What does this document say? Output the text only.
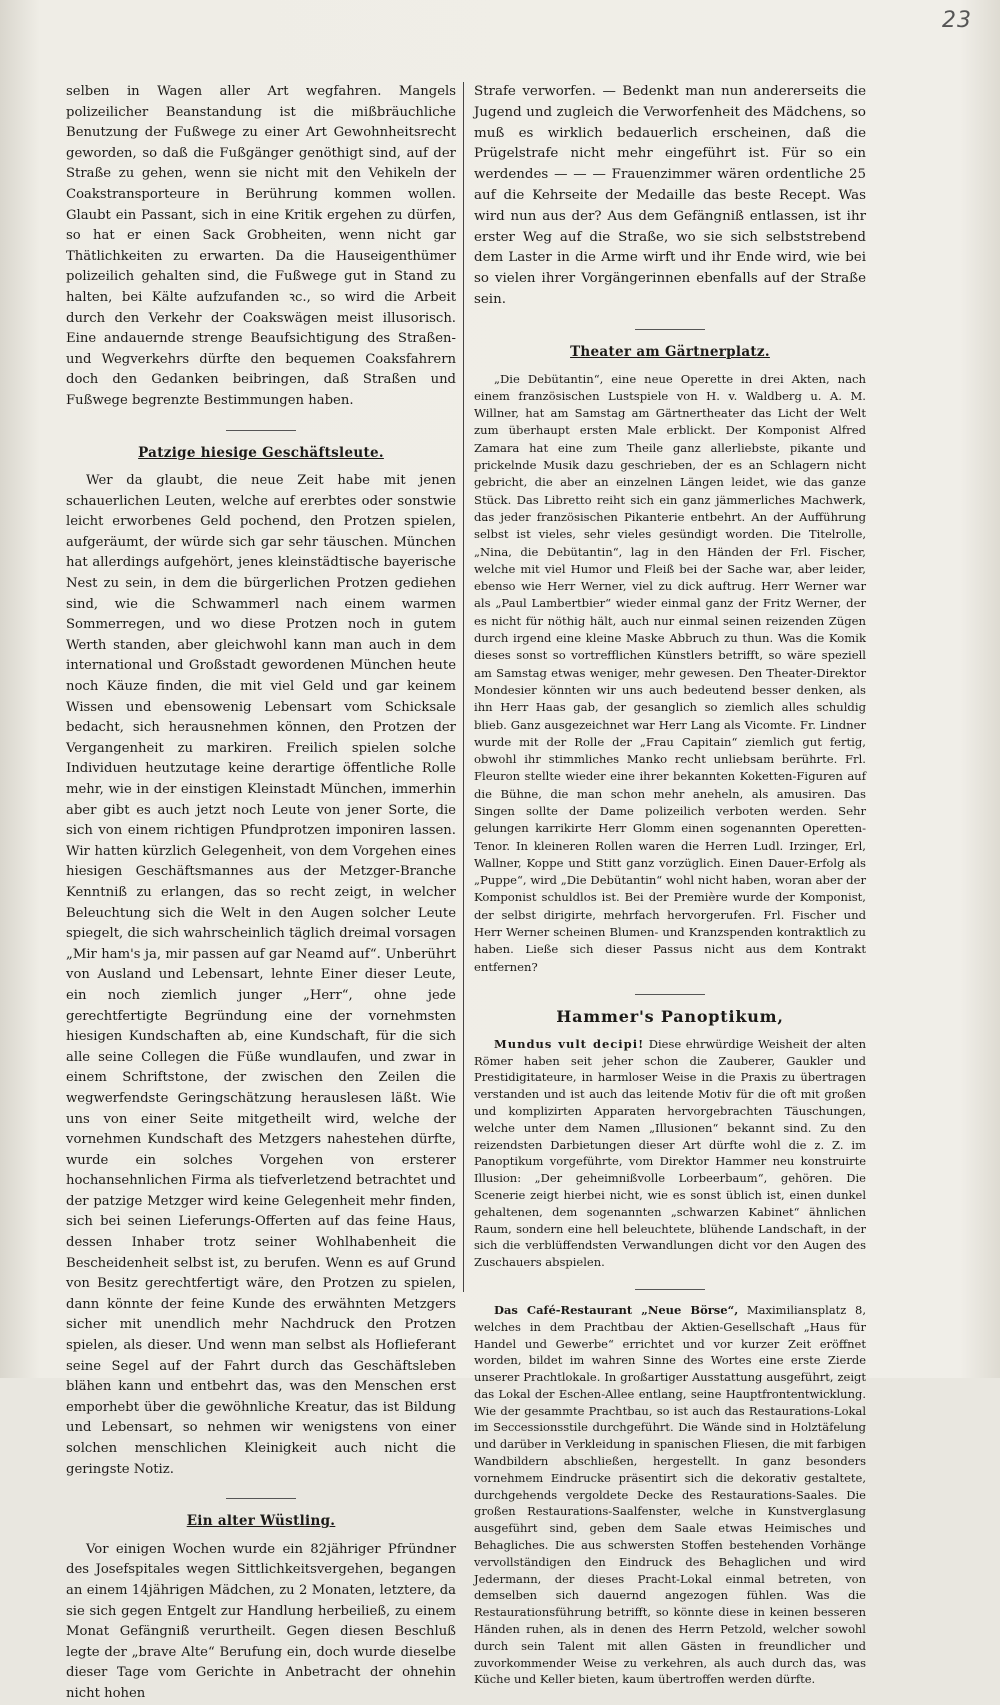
23

selben in Wagen aller Art wegfahren. Mangels polizeilicher Beanstandung ist die mißbräuchliche Benutzung der Fußwege zu einer Art Gewohnheitsrecht geworden, so daß die Fußgänger genöthigt sind, auf der Straße zu gehen, wenn sie nicht mit den Vehikeln der Coakstransporteure in Berührung kommen wollen. Glaubt ein Passant, sich in eine Kritik ergehen zu dürfen, so hat er einen Sack Grobheiten, wenn nicht gar Thätlichkeiten zu erwarten. Da die Hauseigenthümer polizeilich gehalten sind, die Fußwege gut in Stand zu halten, bei Kälte aufzufanden ꝛc., so wird die Arbeit durch den Verkehr der Coakswägen meist illusorisch. Eine andauernde strenge Beaufsichtigung des Straßen- und Wegverkehrs dürfte den bequemen Coaksfahrern doch den Gedanken beibringen, daß Straßen und Fußwege begrenzte Bestimmungen haben.

Patzige hiesige Geschäftsleute.

Wer da glaubt, die neue Zeit habe mit jenen schauerlichen Leuten, welche auf ererbtes oder sonstwie leicht erworbenes Geld pochend, den Protzen spielen, aufgeräumt, der würde sich gar sehr täuschen. München hat allerdings aufgehört, jenes kleinstädtische bayerische Nest zu sein, in dem die bürgerlichen Protzen gediehen sind, wie die Schwammerl nach einem warmen Sommerregen, und wo diese Protzen noch in gutem Werth standen, aber gleichwohl kann man auch in dem international und Großstadt gewordenen München heute noch Käuze finden, die mit viel Geld und gar keinem Wissen und ebensowenig Lebensart vom Schicksale bedacht, sich herausnehmen können, den Protzen der Vergangenheit zu markiren. Freilich spielen solche Individuen heutzutage keine derartige öffentliche Rolle mehr, wie in der einstigen Kleinstadt München, immerhin aber gibt es auch jetzt noch Leute von jener Sorte, die sich von einem richtigen Pfundprotzen imponiren lassen. Wir hatten kürzlich Gelegenheit, von dem Vorgehen eines hiesigen Geschäftsmannes aus der Metzger-Branche Kenntniß zu erlangen, das so recht zeigt, in welcher Beleuchtung sich die Welt in den Augen solcher Leute spiegelt, die sich wahrscheinlich täglich dreimal vorsagen „Mir ham's ja, mir passen auf gar Neamd auf“. Unberührt von Ausland und Lebensart, lehnte Einer dieser Leute, ein noch ziemlich junger „Herr“, ohne jede gerechtfertigte Begründung eine der vornehmsten hiesigen Kundschaften ab, eine Kundschaft, für die sich alle seine Collegen die Füße wundlaufen, und zwar in einem Schriftstone, der zwischen den Zeilen die wegwerfendste Geringschätzung herauslesen läßt. Wie uns von einer Seite mitgetheilt wird, welche der vornehmen Kundschaft des Metzgers nahestehen dürfte, wurde ein solches Vorgehen von ersterer hochansehnlichen Firma als tiefverletzend betrachtet und der patzige Metzger wird keine Gelegenheit mehr finden, sich bei seinen Lieferungs-Offerten auf das feine Haus, dessen Inhaber trotz seiner Wohlhabenheit die Bescheidenheit selbst ist, zu berufen. Wenn es auf Grund von Besitz gerechtfertigt wäre, den Protzen zu spielen, dann könnte der feine Kunde des erwähnten Metzgers sicher mit unendlich mehr Nachdruck den Protzen spielen, als dieser. Und wenn man selbst als Hoflieferant seine Segel auf der Fahrt durch das Geschäftsleben blähen kann und entbehrt das, was den Menschen erst emporhebt über die gewöhnliche Kreatur, das ist Bildung und Lebensart, so nehmen wir wenigstens von einer solchen menschlichen Kleinigkeit auch nicht die geringste Notiz.

Ein alter Wüstling.

Vor einigen Wochen wurde ein 82jähriger Pfründner des Josefspitales wegen Sittlichkeitsvergehen, begangen an einem 14jährigen Mädchen, zu 2 Monaten, letztere, da sie sich gegen Entgelt zur Handlung herbeiließ, zu einem Monat Gefängniß verurtheilt. Gegen diesen Beschluß legte der „brave Alte“ Berufung ein, doch wurde dieselbe dieser Tage vom Gerichte in Anbetracht der ohnehin nicht hohen

Strafe verworfen. — Bedenkt man nun andererseits die Jugend und zugleich die Verworfenheit des Mädchens, so muß es wirklich bedauerlich erscheinen, daß die Prügelstrafe nicht mehr eingeführt ist. Für so ein werdendes — — — Frauenzimmer wären ordentliche 25 auf die Kehrseite der Medaille das beste Recept. Was wird nun aus der? Aus dem Gefängniß entlassen, ist ihr erster Weg auf die Straße, wo sie sich selbststrebend dem Laster in die Arme wirft und ihr Ende wird, wie bei so vielen ihrer Vorgängerinnen ebenfalls auf der Straße sein.

Theater am Gärtnerplatz.

„Die Debütantin“, eine neue Operette in drei Akten, nach einem französischen Lustspiele von H. v. Waldberg u. A. M. Willner, hat am Samstag am Gärtnertheater das Licht der Welt zum überhaupt ersten Male erblickt. Der Komponist Alfred Zamara hat eine zum Theile ganz allerliebste, pikante und prickelnde Musik dazu geschrieben, der es an Schlagern nicht gebricht, die aber an einzelnen Längen leidet, wie das ganze Stück. Das Libretto reiht sich ein ganz jämmerliches Machwerk, das jeder französischen Pikanterie entbehrt. An der Aufführung selbst ist vieles, sehr vieles gesündigt worden. Die Titelrolle, „Nina, die Debütantin“, lag in den Händen der Frl. Fischer, welche mit viel Humor und Fleiß bei der Sache war, aber leider, ebenso wie Herr Werner, viel zu dick auftrug. Herr Werner war als „Paul Lambertbier“ wieder einmal ganz der Fritz Werner, der es nicht für nöthig hält, auch nur einmal seinen reizenden Zügen durch irgend eine kleine Maske Abbruch zu thun. Was die Komik dieses sonst so vortrefflichen Künstlers betrifft, so wäre speziell am Samstag etwas weniger, mehr gewesen. Den Theater-Direktor Mondesier könnten wir uns auch bedeutend besser denken, als ihn Herr Haas gab, der gesanglich so ziemlich alles schuldig blieb. Ganz ausgezeichnet war Herr Lang als Vicomte. Fr. Lindner wurde mit der Rolle der „Frau Capitain“ ziemlich gut fertig, obwohl ihr stimmliches Manko recht unliebsam berührte. Frl. Fleuron stellte wieder eine ihrer bekannten Koketten-Figuren auf die Bühne, die man schon mehr aneheln, als amusiren. Das Singen sollte der Dame polizeilich verboten werden. Sehr gelungen karrikirte Herr Glomm einen sogenannten Operetten-Tenor. In kleineren Rollen waren die Herren Ludl. Irzinger, Erl, Wallner, Koppe und Stitt ganz vorzüglich. Einen Dauer-Erfolg als „Puppe“, wird „Die Debütantin“ wohl nicht haben, woran aber der Komponist schuldlos ist. Bei der Première wurde der Komponist, der selbst dirigirte, mehrfach hervorgerufen. Frl. Fischer und Herr Werner scheinen Blumen- und Kranzspenden kontraktlich zu haben. Ließe sich dieser Passus nicht aus dem Kontrakt entfernen?

Hammer's Panoptikum,

Mundus vult decipi! Diese ehrwürdige Weisheit der alten Römer haben seit jeher schon die Zauberer, Gaukler und Prestidigitateure, in harmloser Weise in die Praxis zu übertragen verstanden und ist auch das leitende Motiv für die oft mit großen und komplizirten Apparaten hervorgebrachten Täuschungen, welche unter dem Namen „Illusionen“ bekannt sind. Zu den reizendsten Darbietungen dieser Art dürfte wohl die z. Z. im Panoptikum vorgeführte, vom Direktor Hammer neu konstruirte Illusion: „Der geheimnißvolle Lorbeerbaum“, gehören. Die Scenerie zeigt hierbei nicht, wie es sonst üblich ist, einen dunkel gehaltenen, dem sogenannten „schwarzen Kabinet“ ähnlichen Raum, sondern eine hell beleuchtete, blühende Landschaft, in der sich die verblüffendsten Verwandlungen dicht vor den Augen des Zuschauers abspielen.

Das Café-Restaurant „Neue Börse“, Maximiliansplatz 8, welches in dem Prachtbau der Aktien-Gesellschaft „Haus für Handel und Gewerbe“ errichtet und vor kurzer Zeit eröffnet worden, bildet im wahren Sinne des Wortes eine erste Zierde unserer Prachtlokale. In großartiger Ausstattung ausgeführt, zeigt das Lokal der Eschen-Allee entlang, seine Hauptfrontentwicklung. Wie der gesammte Prachtbau, so ist auch das Restaurations-Lokal im Seccessionsstile durchgeführt. Die Wände sind in Holztäfelung und darüber in Verkleidung in spanischen Fliesen, die mit farbigen Wandbildern abschließen, hergestellt. In ganz besonders vornehmem Eindrucke präsentirt sich die dekorativ gestaltete, durchgehends vergoldete Decke des Restaurations-Saales. Die großen Restaurations-Saalfenster, welche in Kunstverglasung ausgeführt sind, geben dem Saale etwas Heimisches und Behagliches. Die aus schwersten Stoffen bestehenden Vorhänge vervollständigen den Eindruck des Behaglichen und wird Jedermann, der dieses Pracht-Lokal einmal betreten, von demselben sich dauernd angezogen fühlen. Was die Restaurationsführung betrifft, so könnte diese in keinen besseren Händen ruhen, als in denen des Herrn Petzold, welcher sowohl durch sein Talent mit allen Gästen in freundlicher und zuvorkommender Weise zu verkehren, als auch durch das, was Küche und Keller bieten, kaum übertroffen werden dürfte.
